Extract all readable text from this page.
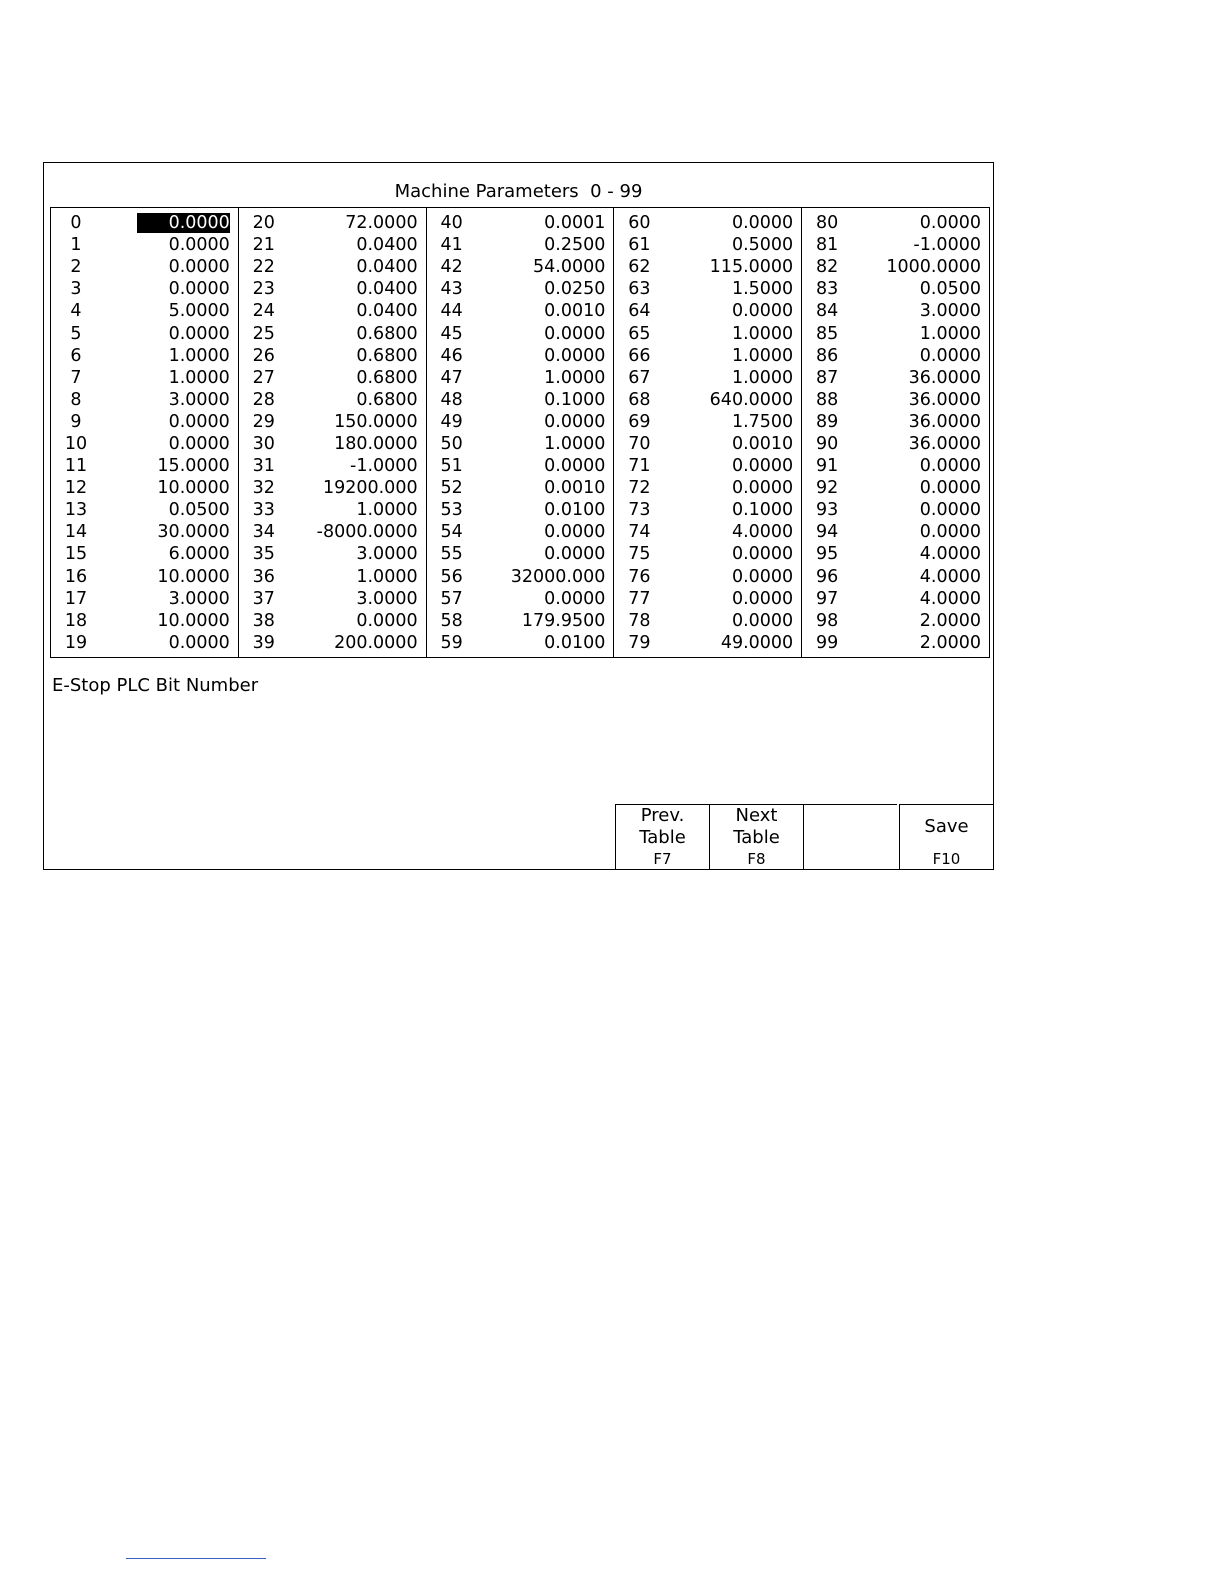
Machine Parameters  0 - 99
0	0.0000
1	0.0000
2	0.0000
3	0.0000
4	5.0000
5	0.0000
6	1.0000
7	1.0000
8	3.0000
9	0.0000
10	0.0000
11	15.0000
12	10.0000
13	0.0500
14	30.0000
15	6.0000
16	10.0000
17	3.0000
18	10.0000
19	0.0000
20	72.0000
21	0.0400
22	0.0400
23	0.0400
24	0.0400
25	0.6800
26	0.6800
27	0.6800
28	0.6800
29	150.0000
30	180.0000
31	-1.0000
32	19200.000
33	1.0000
34	-8000.0000
35	3.0000
36	1.0000
37	3.0000
38	0.0000
39	200.0000
40	0.0001
41	0.2500
42	54.0000
43	0.0250
44	0.0010
45	0.0000
46	0.0000
47	1.0000
48	0.1000
49	0.0000
50	1.0000
51	0.0000
52	0.0010
53	0.0100
54	0.0000
55	0.0000
56	32000.000
57	0.0000
58	179.9500
59	0.0100
60	0.0000
61	0.5000
62	115.0000
63	1.5000
64	0.0000
65	1.0000
66	1.0000
67	1.0000
68	640.0000
69	1.7500
70	0.0010
71	0.0000
72	0.0000
73	0.1000
74	4.0000
75	0.0000
76	0.0000
77	0.0000
78	0.0000
79	49.0000
80	0.0000
81	-1.0000
82	1000.0000
83	0.0500
84	3.0000
85	1.0000
86	0.0000
87	36.0000
88	36.0000
89	36.0000
90	36.0000
91	0.0000
92	0.0000
93	0.0000
94	0.0000
95	4.0000
96	4.0000
97	4.0000
98	2.0000
99	2.0000
E-Stop PLC Bit Number
Prev.
Table
F7
Next
Table
F8
Save
F10
